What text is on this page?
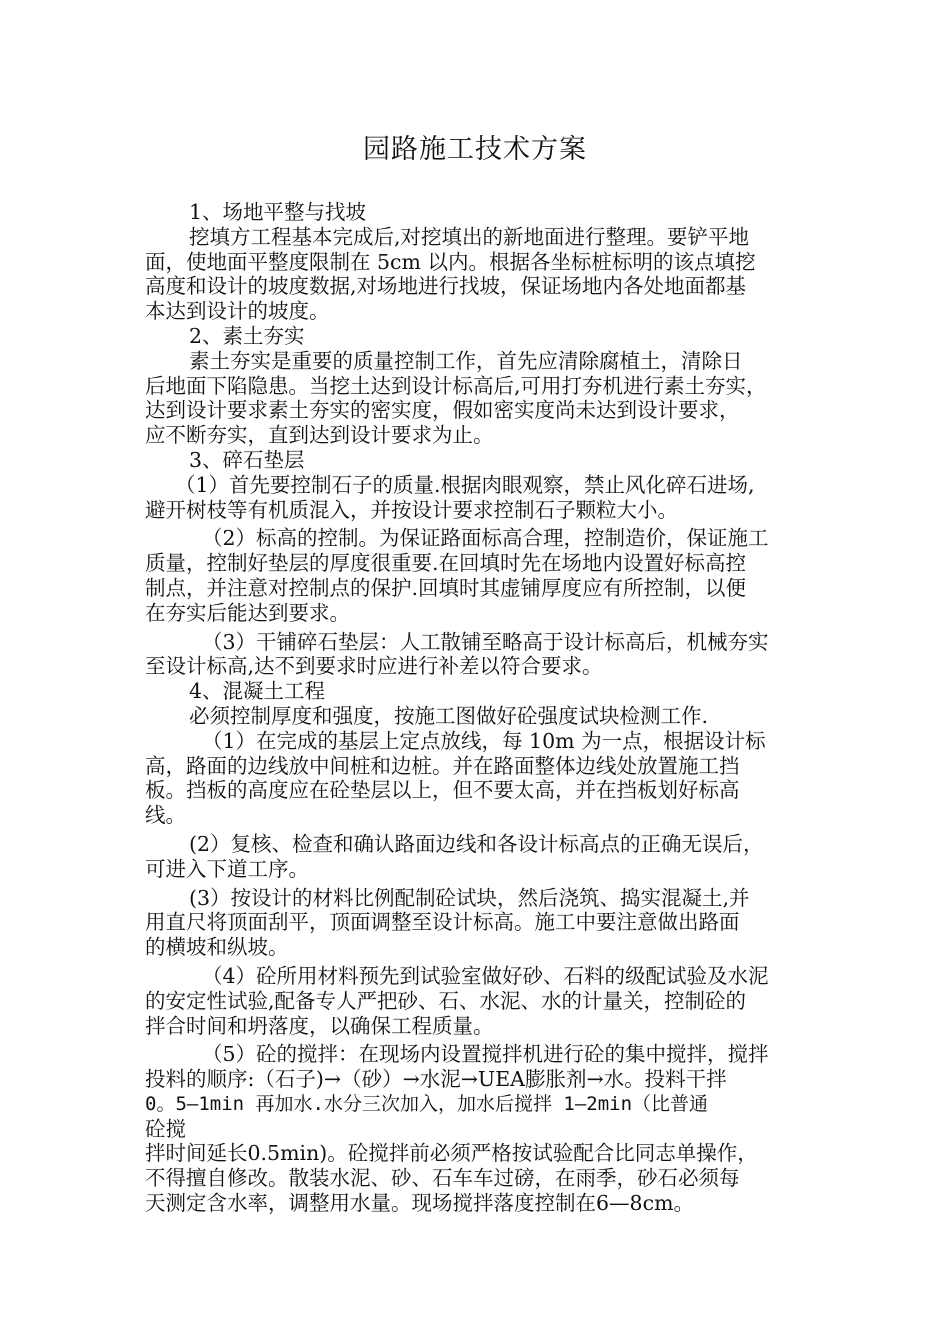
园路施工技术方案
1、场地平整与找坡
挖填方工程基本完成后,对挖填出的新地面进行整理。要铲平地
面，使地面平整度限制在 5cm 以内。根据各坐标桩标明的该点填挖
高度和设计的坡度数据,对场地进行找坡，保证场地内各处地面都基
本达到设计的坡度。
2、素土夯实
素土夯实是重要的质量控制工作，首先应清除腐植土，清除日
后地面下陷隐患。当挖土达到设计标高后,可用打夯机进行素土夯实，
达到设计要求素土夯实的密实度，假如密实度尚未达到设计要求，
应不断夯实，直到达到设计要求为止。
3、碎石垫层
（1）首先要控制石子的质量.根据肉眼观察，禁止风化碎石进场,
避开树枝等有机质混入，并按设计要求控制石子颗粒大小。
（2）标高的控制。为保证路面标高合理，控制造价，保证施工
质量，控制好垫层的厚度很重要.在回填时先在场地内设置好标高控
制点，并注意对控制点的保护.回填时其虚铺厚度应有所控制，以便
在夯实后能达到要求。
（3）干铺碎石垫层：人工散铺至略高于设计标高后，机械夯实
至设计标高,达不到要求时应进行补差以符合要求。
4、混凝土工程
必须控制厚度和强度，按施工图做好砼强度试块检测工作.
（1）在完成的基层上定点放线，每 10m 为一点，根据设计标
高，路面的边线放中间桩和边桩。并在路面整体边线处放置施工挡
板。挡板的高度应在砼垫层以上，但不要太高，并在挡板划好标高
线。
(2）复核、检查和确认路面边线和各设计标高点的正确无误后，
可进入下道工序。
(3）按设计的材料比例配制砼试块，然后浇筑、捣实混凝土,并
用直尺将顶面刮平，顶面调整至设计标高。施工中要注意做出路面
的横坡和纵坡。
（4）砼所用材料预先到试验室做好砂、石料的级配试验及水泥
的安定性试验,配备专人严把砂、石、水泥、水的计量关，控制砼的
拌合时间和坍落度，以确保工程质量。
（5）砼的搅拌：在现场内设置搅拌机进行砼的集中搅拌，搅拌
投料的顺序:（石子)→（砂）→水泥→UEA膨胀剂→水。投料干拌
0。5—1min 再加水.水分三次加入，加水后搅拌 1—2min（比普通
砼搅
拌时间延长0.5min)。砼搅拌前必须严格按试验配合比同志单操作，
不得擅自修改。散装水泥、砂、石车车过磅，在雨季，砂石必须每
天测定含水率，调整用水量。现场搅拌落度控制在6—8cm。
